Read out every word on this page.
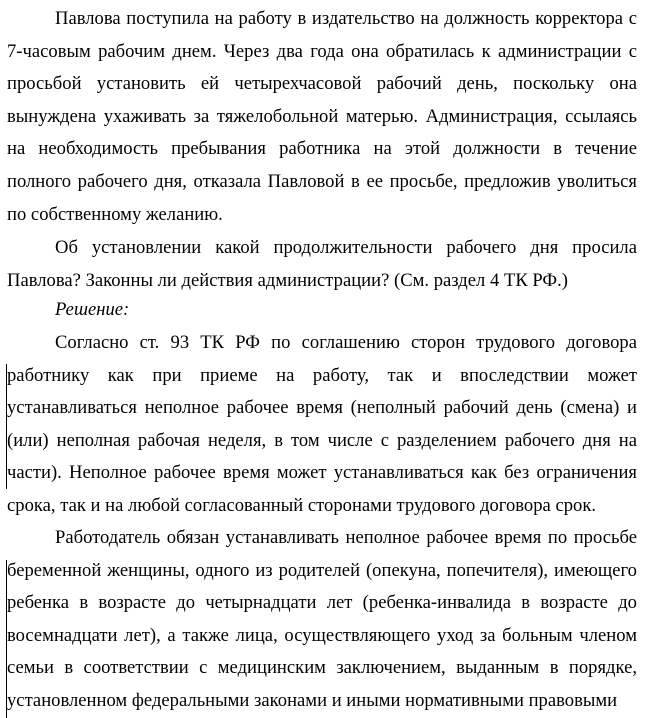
Павлова поступила на работу в издательство на должность корректора с 7-часовым рабочим днем. Через два года она обратилась к администрации с просьбой установить ей четырехчасовой рабочий день, поскольку она вынуждена ухаживать за тяжелобольной матерью. Администрация, ссылаясь на необходимость пребывания работника на этой должности в течение полного рабочего дня, отказала Павловой в ее просьбе, предложив уволиться по собственному желанию.

Об установлении какой продолжительности рабочего дня просила Павлова? Законны ли действия администрации? (См. раздел 4 ТК РФ.)

Решение:

Согласно ст. 93 ТК РФ по соглашению сторон трудового договора работнику как при приеме на работу, так и впоследствии может устанавливаться неполное рабочее время (неполный рабочий день (смена) и (или) неполная рабочая неделя, в том числе с разделением рабочего дня на части). Неполное рабочее время может устанавливаться как без ограничения срока, так и на любой согласованный сторонами трудового договора срок.

Работодатель обязан устанавливать неполное рабочее время по просьбе беременной женщины, одного из родителей (опекуна, попечителя), имеющего ребенка в возрасте до четырнадцати лет (ребенка-инвалида в возрасте до восемнадцати лет), а также лица, осуществляющего уход за больным членом семьи в соответствии с медицинским заключением, выданным в порядке, установленном федеральными законами и иными нормативными правовыми
